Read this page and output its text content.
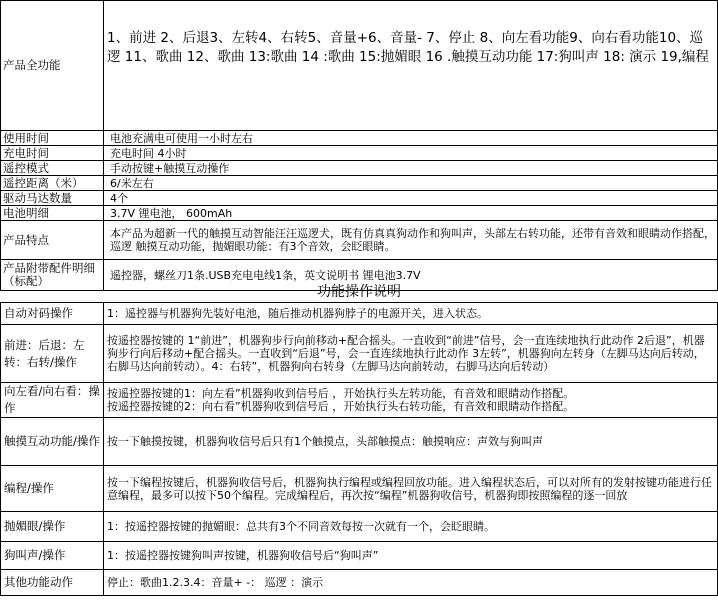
产品全功能	1、前进 2、后退3、左转4、右转5、音量+6、音量- 7、停止 8、向左看功能9、向右看功能10、巡逻 11、歌曲 12、歌曲 13:歌曲 14 :歌曲 15:抛媚眼 16 .触摸互动功能 17:狗叫声 18: 演示 19,编程
使用时间	电池充满电可使用一小时左右
充电时间	充电时间 4小时
遥控模式	手动按键+触摸互动操作
遥控距离（米）	6/米左右
驱动马达数量	4个
电池明细	3.7V 锂电池， 600mAh
产品特点	本产品为超新一代的触摸互动智能汪汪巡逻犬，既有仿真真狗动作和狗叫声，头部左右转功能，还带有音效和眼睛动作搭配，巡逻 触摸互动功能，抛媚眼功能：有3个音效，会眨眼睛。
产品附带配件明细（标配）	遥控器，螺丝刀1条.USB充电电线1条，英文说明书 锂电池3.7V
功能操作说明
自动对码操作	1：遥控器与机器狗先装好电池，随后推动机器狗脖子的电源开关，进入状态。
前进：后退：左转：右转/操作	按遥控器按键的 1“前进”，机器狗步行向前移动+配合摇头。一直收到“前进”信号，会一直连续地执行此动作 2后退”，机器狗步行向后移动+配合摇头。一直收到“后退”号，会一直连续地执行此动作 3左转”，机器狗向左转身（左脚马达向后转动，右脚马达向前转动）。4：右转”，机器狗向右转身（左脚马达向前转动，右脚马达向后转动）
向左看/向右看：操作	按遥控器按键的1：向左看”机器狗收到信号后 ，开始执行头左转功能，有音效和眼睛动作搭配。
按遥控器按键的2：向右看”机器狗收到信号后 ，开始执行头右转功能，有音效和眼睛动作搭配。

触摸互动功能/操作	按一下触摸按键，机器狗收信号后只有1个触摸点，头部触摸点：触摸响应：声效与狗叫声
编程/操作	按一下编程按键后，机器狗收信号后，机器狗执行编程或编程回放功能。进入编程状态后，可以对所有的发射按键功能进行任意编程，最多可以按下50个编程。完成编程后，再次按“编程”机器狗收信号，机器狗即按照编程的逐一回放
抛媚眼/操作	1：按遥控器按键的抛媚眼：总共有3个不同音效每按一次就有一个，会眨眼睛。
狗叫声/操作	1：按遥控器按键狗叫声按键，机器狗收信号后“狗叫声”
其他功能动作	停止：歌曲1.2.3.4：音量+ -： 巡逻 ：演示
